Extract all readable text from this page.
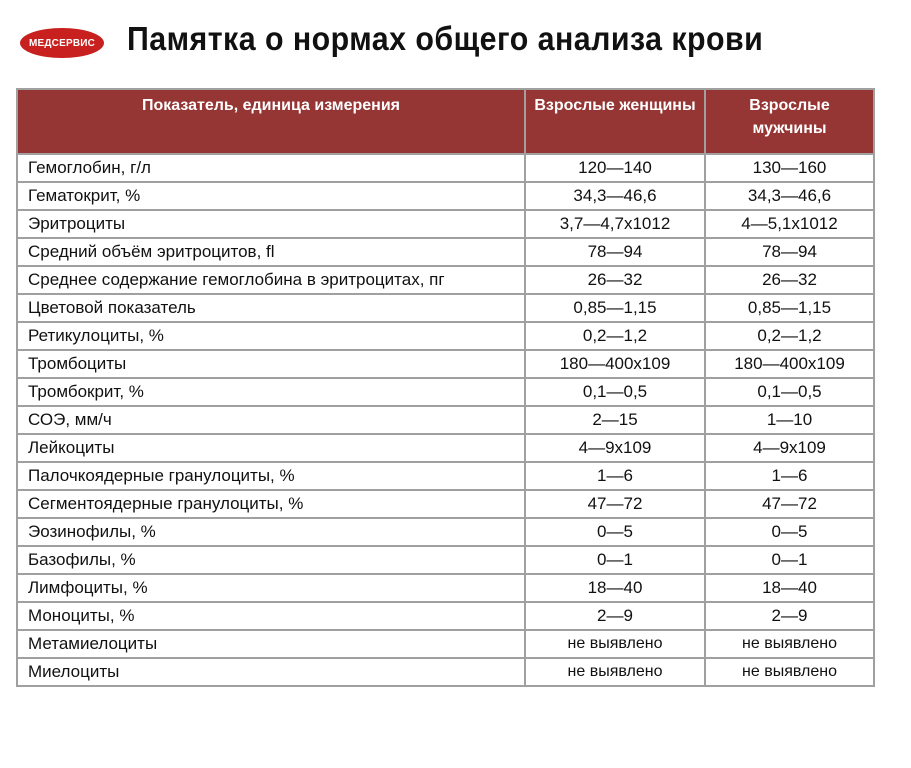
МЕДСЕРВИС Памятка о нормах общего анализа крови
Показатель, единица измерения	Взрослые женщины	Взрослые мужчины
Гемоглобин, г/л	120—140	130—160
Гематокрит, %	34,3—46,6	34,3—46,6
Эритроциты	3,7—4,7х1012	4—5,1х1012
Средний объём эритроцитов, fl	78—94	78—94
Среднее содержание гемоглобина в эритроцитах, пг	26—32	26—32
Цветовой показатель	0,85—1,15	0,85—1,15
Ретикулоциты, %	0,2—1,2	0,2—1,2
Тромбоциты	180—400х109	180—400х109
Тромбокрит, %	0,1—0,5	0,1—0,5
СОЭ, мм/ч	2—15	1—10
Лейкоциты	4—9х109	4—9х109
Палочкоядерные гранулоциты, %	1—6	1—6
Сегментоядерные гранулоциты, %	47—72	47—72
Эозинофилы, %	0—5	0—5
Базофилы, %	0—1	0—1
Лимфоциты, %	18—40	18—40
Моноциты, %	2—9	2—9
Метамиелоциты	не выявлено	не выявлено
Миелоциты	не выявлено	не выявлено
